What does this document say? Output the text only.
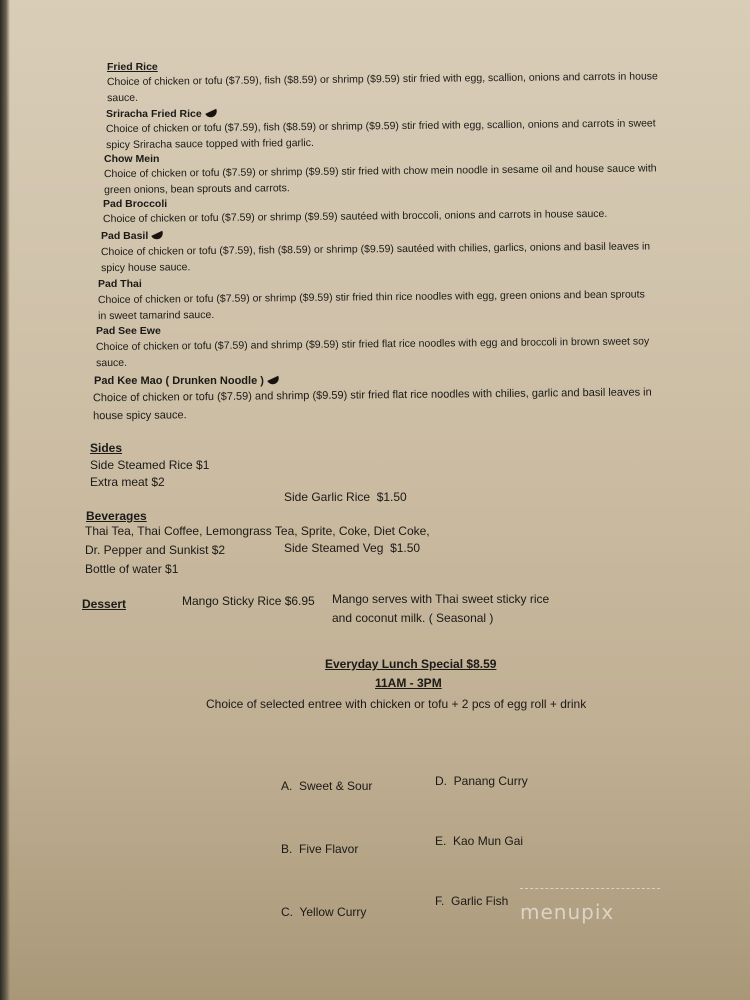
Fried Rice
Choice of chicken or tofu ($7.59), fish ($8.59) or shrimp ($9.59) stir fried with egg, scallion, onions and carrots in house
sauce.
Sriracha Fried Rice
Choice of chicken or tofu ($7.59), fish ($8.59) or shrimp ($9.59) stir fried with egg, scallion, onions and carrots in sweet
spicy Sriracha sauce topped with fried garlic.
Chow Mein
Choice of chicken or tofu ($7.59) or shrimp ($9.59) stir fried with chow mein noodle in sesame oil and house sauce with
green onions, bean sprouts and carrots.
Pad Broccoli
Choice of chicken or tofu ($7.59) or shrimp ($9.59) sautéed with broccoli, onions and carrots in house sauce.
Pad Basil
Choice of chicken or tofu ($7.59), fish ($8.59) or shrimp ($9.59) sautéed with chilies, garlics, onions and basil leaves in
spicy house sauce.
Pad Thai
Choice of chicken or tofu ($7.59) or shrimp ($9.59) stir fried thin rice noodles with egg, green onions and bean sprouts
in sweet tamarind sauce.
Pad See Ewe
Choice of chicken or tofu ($7.59) and shrimp ($9.59) stir fried flat rice noodles with egg and broccoli in brown sweet soy
sauce.
Pad Kee Mao ( Drunken Noodle )
Choice of chicken or tofu ($7.59) and shrimp ($9.59) stir fried flat rice noodles with chilies, garlic and basil leaves in
house spicy sauce.
Sides
Side Steamed Rice $1
Extra meat $2

Side Garlic Rice  $1.50

Side Steamed Veg  $1.50

Beverages
Thai Tea, Thai Coffee, Lemongrass Tea, Sprite, Coke, Diet Coke,
Dr. Pepper and Sunkist $2
Bottle of water $1
Dessert	Mango Sticky Rice $6.95 Mango serves with Thai sweet sticky rice
and coconut milk. ( Seasonal )
Everyday Lunch Special $8.59
11AM - 3PM
Choice of selected entree with chicken or tofu + 2 pcs of egg roll + drink

A.  Sweet & Sour

B.  Five Flavor

C.  Yellow Curry

D.  Panang Curry

E.  Kao Mun Gai

F.  Garlic Fish

menupix
